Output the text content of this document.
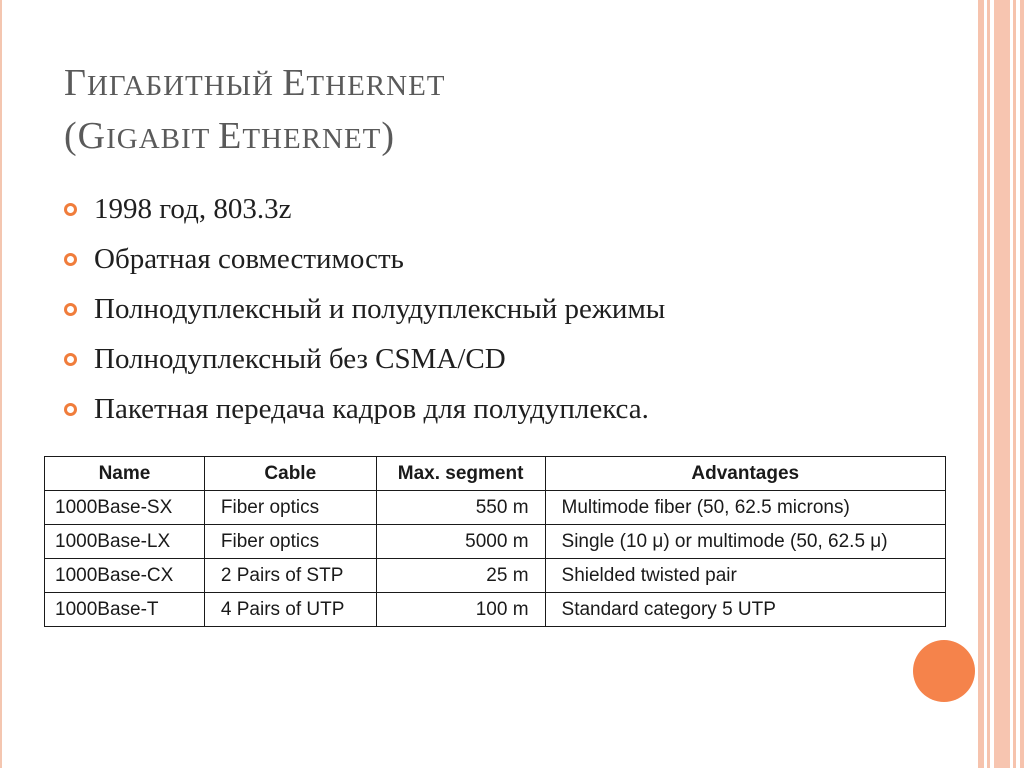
ГИГАБИТНЫЙ ETHERNET
(GIGABIT ETHERNET)
1998 год, 803.3z
Обратная совместимость
Полнодуплексный и полудуплексный режимы
Полнодуплексный без CSMA/CD
Пакетная передача кадров для полудуплекса.
Name	Cable	Max. segment	Advantages
1000Base-SX	Fiber optics	550 m	Multimode fiber (50, 62.5 microns)
1000Base-LX	Fiber optics	5000 m	Single (10 μ) or multimode (50, 62.5 μ)
1000Base-CX	2 Pairs of STP	25 m	Shielded twisted pair
1000Base-T	4 Pairs of UTP	100 m	Standard category 5 UTP
